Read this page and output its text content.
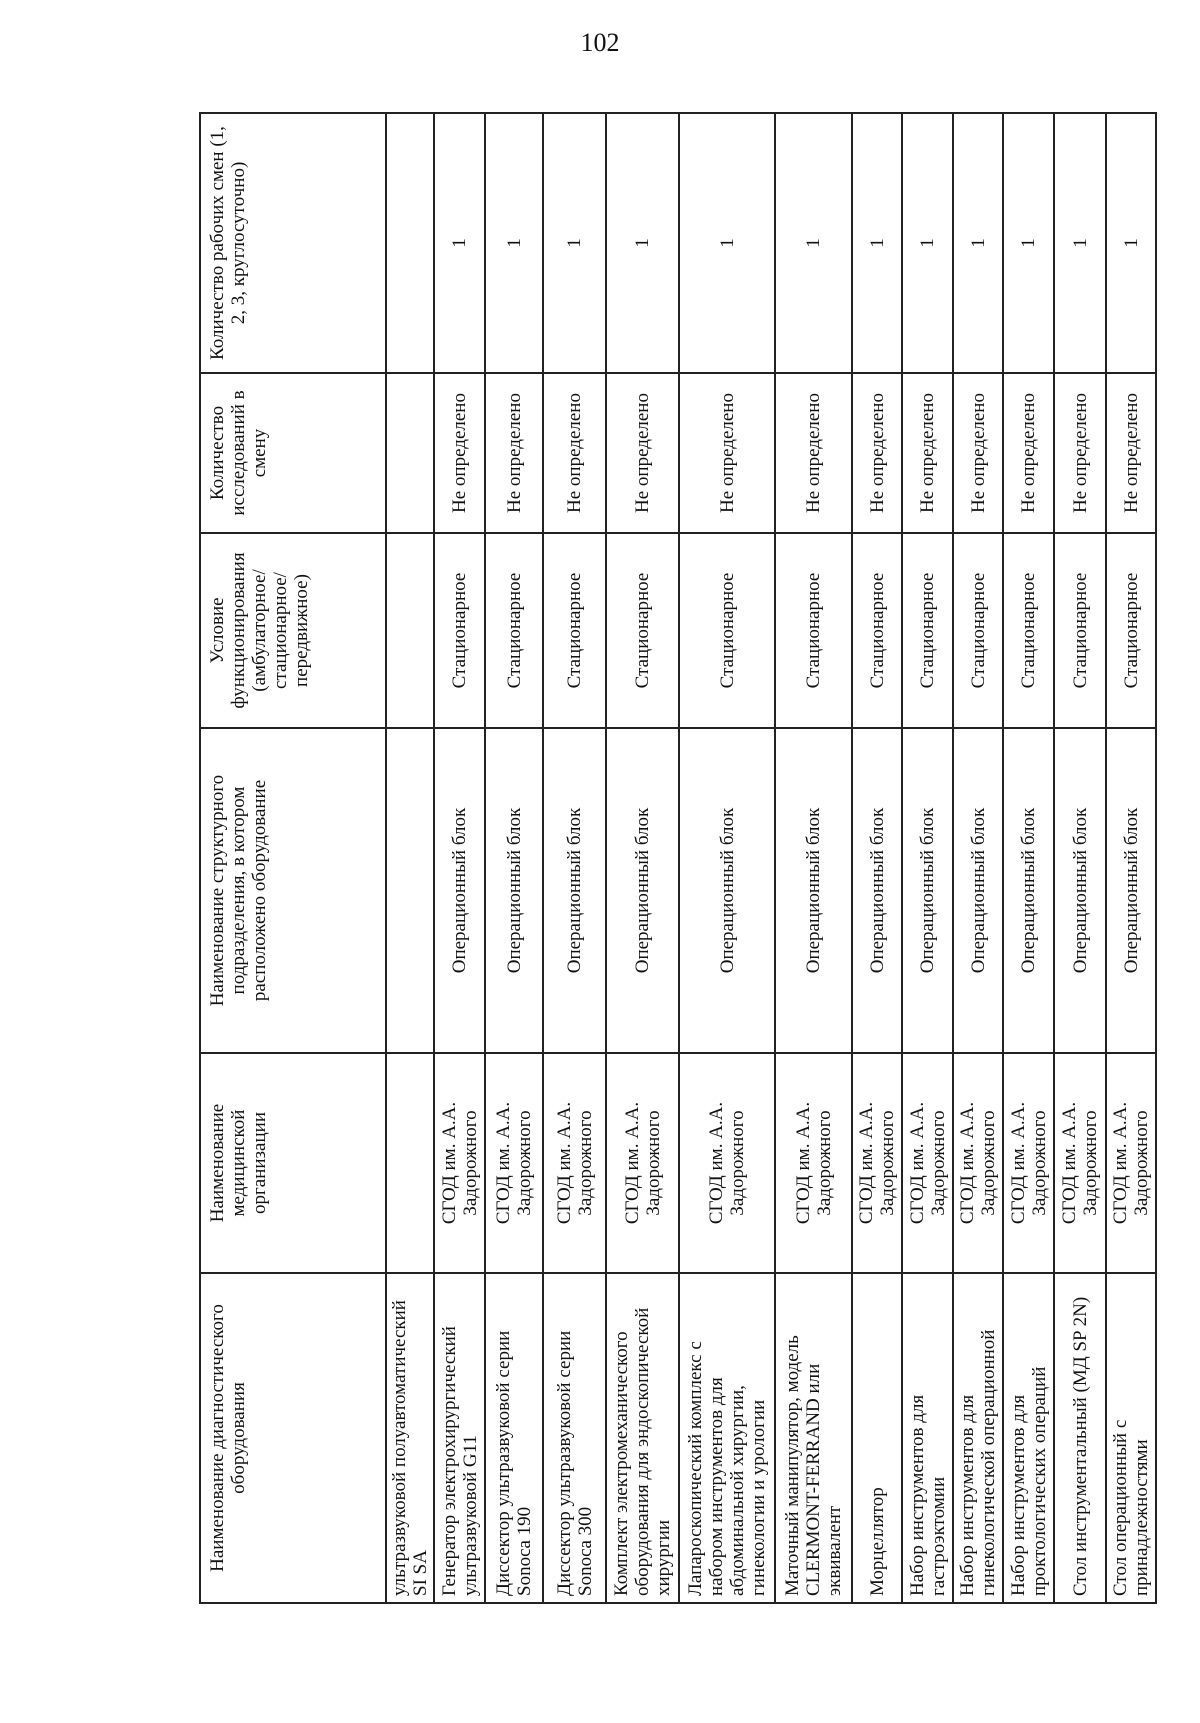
102
Наименование диагностического оборудования	Наименование медицинской организации	Наименование структурного подразделения, в котором расположено оборудование	Условие функционирования (амбулаторное/ стационарное/ передвижное)	Количество исследований в смену	Количество рабочих смен (1, 2, 3, круглосуточно)
ультразвуковой полуавтоматический SI SA					
Генератор электрохирургический ультразвуковой G11	СГОД им. А.А. Задорожного	Операционный блок	Стационарное	Не определено	1
Диссектор ультразвуковой серии Sonoca 190	СГОД им. А.А. Задорожного	Операционный блок	Стационарное	Не определено	1
Диссектор ультразвуковой серии Sonoca 300	СГОД им. А.А. Задорожного	Операционный блок	Стационарное	Не определено	1
Комплект электромеханического оборудования для эндоскопической хирургии	СГОД им. А.А. Задорожного	Операционный блок	Стационарное	Не определено	1
Лапароскопический комплекс с набором инструментов для абдоминальной хирургии, гинекологии и урологии	СГОД им. А.А. Задорожного	Операционный блок	Стационарное	Не определено	1
Маточный манипулятор, модель CLERMONT-FERRAND или эквивалент	СГОД им. А.А. Задорожного	Операционный блок	Стационарное	Не определено	1
Морцеллятор	СГОД им. А.А. Задорожного	Операционный блок	Стационарное	Не определено	1
Набор инструментов для гастроэктомии	СГОД им. А.А. Задорожного	Операционный блок	Стационарное	Не определено	1
Набор инструментов для гинекологической операционной	СГОД им. А.А. Задорожного	Операционный блок	Стационарное	Не определено	1
Набор инструментов для проктологических операций	СГОД им. А.А. Задорожного	Операционный блок	Стационарное	Не определено	1
Стол инструментальный (МД SP 2N)	СГОД им. А.А. Задорожного	Операционный блок	Стационарное	Не определено	1
Стол операционный с принадлежностями	СГОД им. А.А. Задорожного	Операционный блок	Стационарное	Не определено	1
